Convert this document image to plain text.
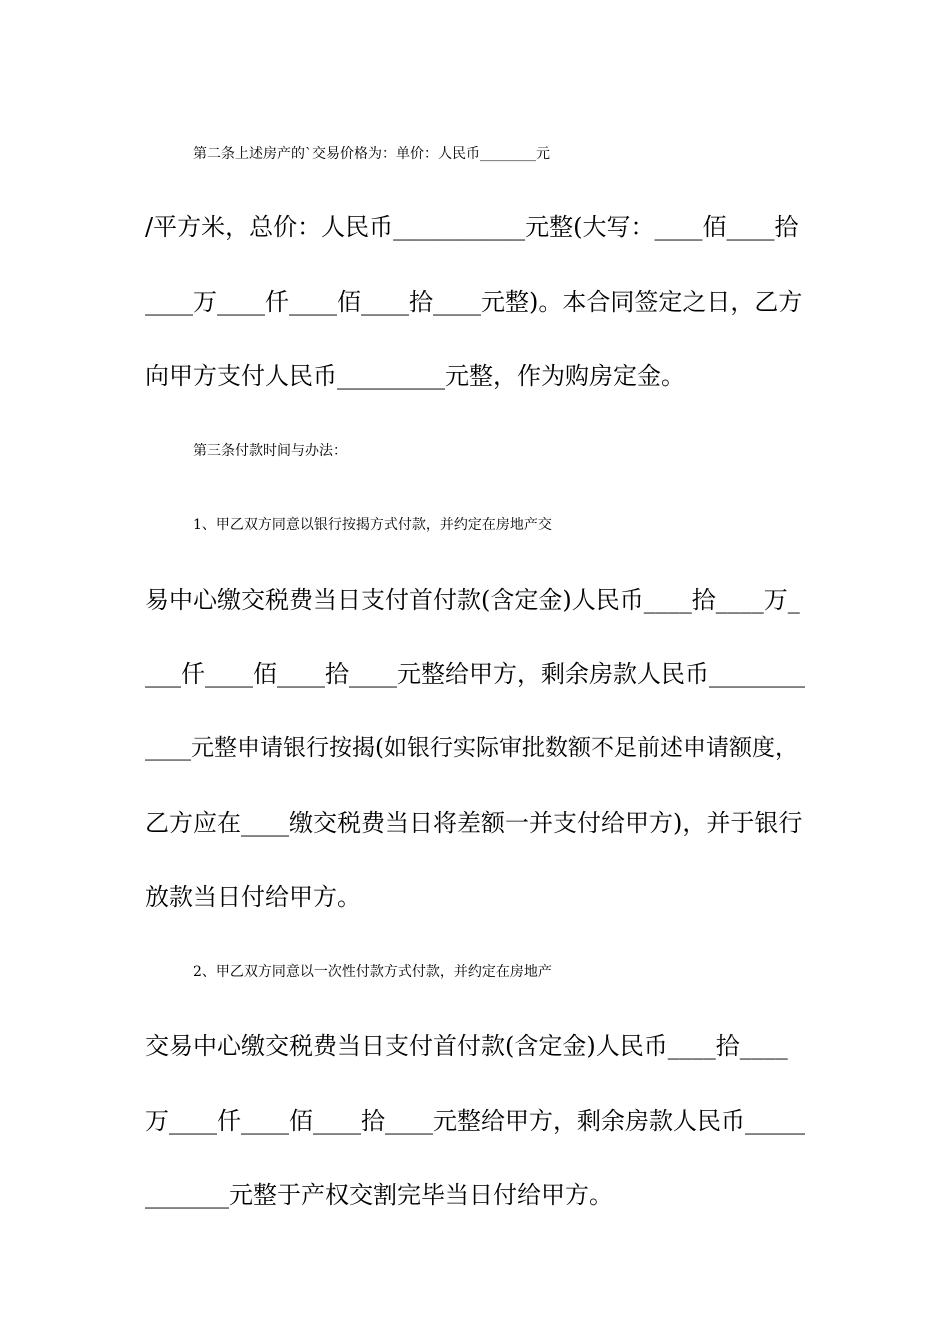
第二条上述房产的`交易价格为：单价：人民币________元
/平方米，总价：人民币___________元整(大写：____佰____拾
____万____仟____佰____拾____元整)。本合同签定之日，乙方
向甲方支付人民币_________元整，作为购房定金。
第三条付款时间与办法：
1、甲乙双方同意以银行按揭方式付款，并约定在房地产交
易中心缴交税费当日支付首付款(含定金)人民币____拾____万_
___仟____佰____拾____元整给甲方，剩余房款人民币________
____元整申请银行按揭(如银行实际审批数额不足前述申请额度，
乙方应在____缴交税费当日将差额一并支付给甲方)，并于银行
放款当日付给甲方。
2、甲乙双方同意以一次性付款方式付款，并约定在房地产
交易中心缴交税费当日支付首付款(含定金)人民币____拾____
万____仟____佰____拾____元整给甲方，剩余房款人民币_____
_______元整于产权交割完毕当日付给甲方。
